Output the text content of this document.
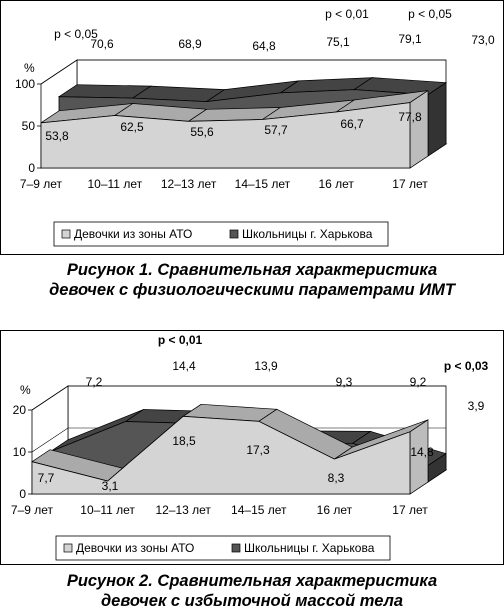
0
50
100
%
7–9 лет 10–11 лет 12–13 лет 14–15 лет 16 лет	17 лет
53,8
62,5	55,6	57,7	66,7	77,8
70,6	68,9	64,8	75,1	79,1	73,0
p < 0,05
p < 0,01	p < 0,05
Девочки из зоны АТО	Школьницы г. Харькова
Рисунок 1. Сравнительная характеристика
девочек с физиологическими параметрами ИМТ
0
10
20
%
7–9 лет 10–11 лет 12–13 лет 14–15 лет	16 лет	17 лет
7,7
3,1
18,5
17,3
8,3
14,8
7,2
14,4	13,9
9,3	9,2
3,9
p < 0,01
p < 0,03
Девочки из зоны АТО	Школьницы г. Харькова
Рисунок 2. Сравнительная характеристика
девочек с избыточной массой тела
